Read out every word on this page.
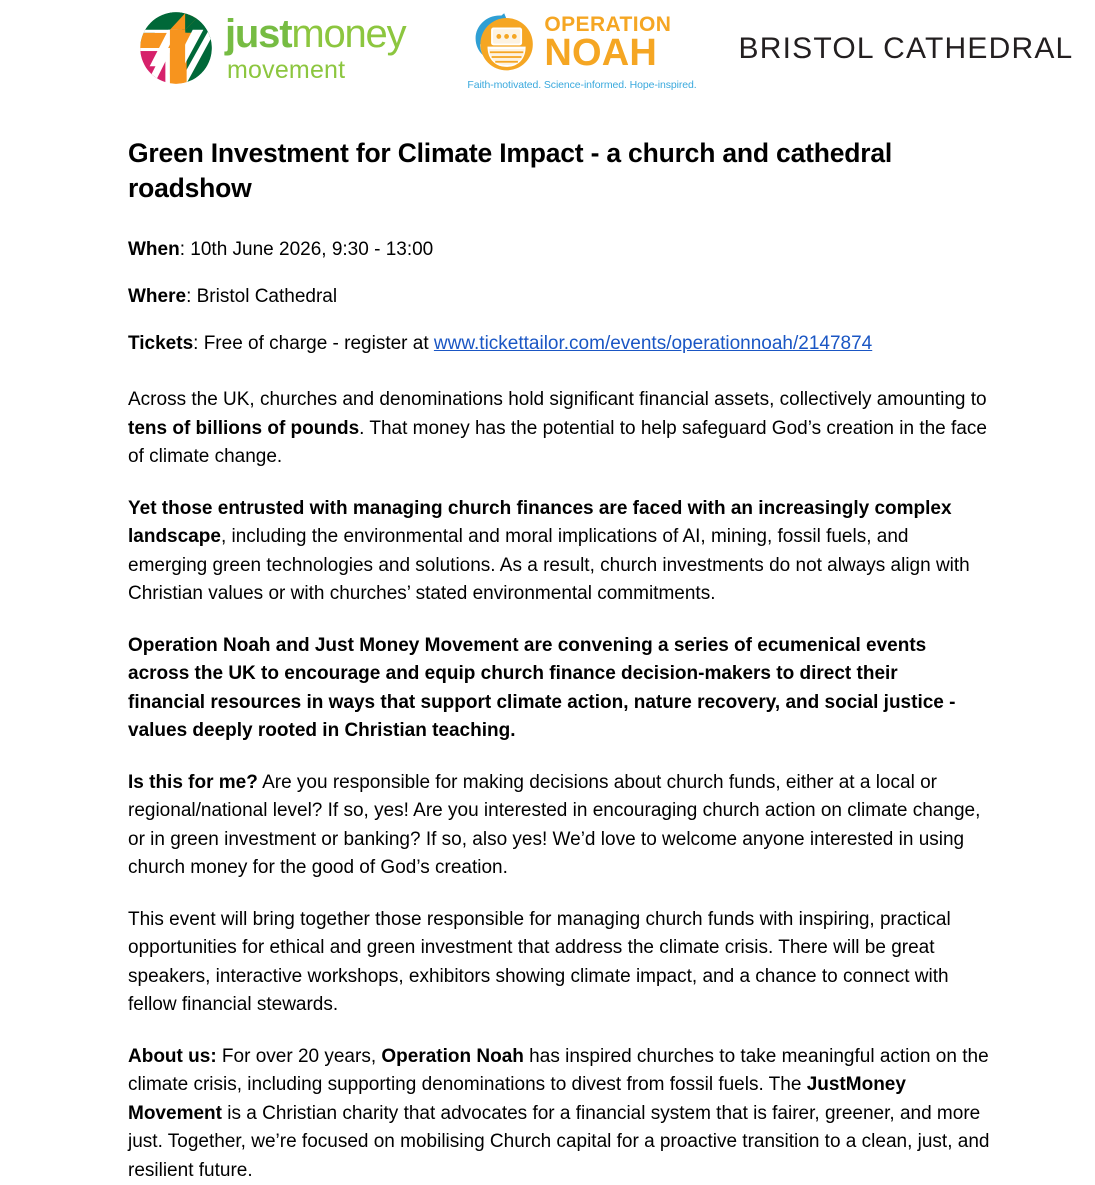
justmoney
movement
OPERATION
NOAH
Faith-motivated. Science-informed. Hope-inspired.
BRISTOL CATHEDRAL
Green Investment for Climate Impact - a church and cathedral roadshow
When: 10th June 2026, 9:30 - 13:00
Where: Bristol Cathedral
Tickets: Free of charge - register at www.tickettailor.com/events/operationnoah/2147874

Across the UK, churches and denominations hold significant financial assets, collectively amounting to tens of billions of pounds. That money has the potential to help safeguard God’s creation in the face of climate change.

Yet those entrusted with managing church finances are faced with an increasingly complex landscape, including the environmental and moral implications of AI, mining, fossil fuels, and emerging green technologies and solutions. As a result, church investments do not always align with Christian values or with churches’ stated environmental commitments.

Operation Noah and Just Money Movement are convening a series of ecumenical events across the UK to encourage and equip church finance decision-makers to direct their financial resources in ways that support climate action, nature recovery, and social justice - values deeply rooted in Christian teaching.

Is this for me? Are you responsible for making decisions about church funds, either at a local or regional/national level? If so, yes! Are you interested in encouraging church action on climate change, or in green investment or banking? If so, also yes! We’d love to welcome anyone interested in using church money for the good of God’s creation.

This event will bring together those responsible for managing church funds with inspiring, practical opportunities for ethical and green investment that address the climate crisis. There will be great speakers, interactive workshops, exhibitors showing climate impact, and a chance to connect with fellow financial stewards.

About us: For over 20 years, Operation Noah has inspired churches to take meaningful action on the climate crisis, including supporting denominations to divest from fossil fuels. The JustMoney Movement is a Christian charity that advocates for a financial system that is fairer, greener, and more just. Together, we’re focused on mobilising Church capital for a proactive transition to a clean, just, and resilient future.
